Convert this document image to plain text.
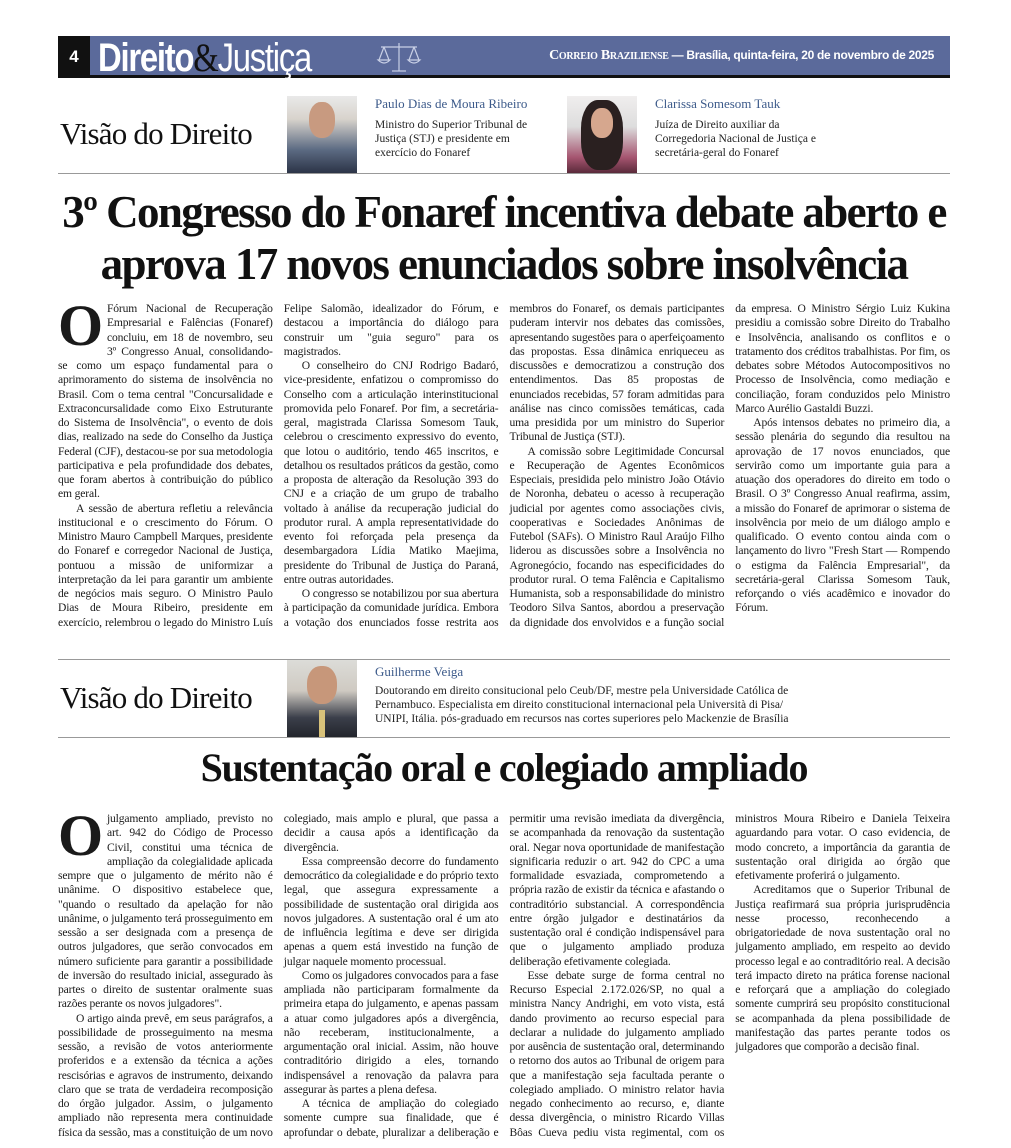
4 Direito&Justiça	Correio Braziliense — Brasília, quinta-feira, 20 de novembro de 2025
Visão do Direito
Paulo Dias de Moura Ribeiro
Ministro do Superior Tribunal de Justiça (STJ) e presidente em exercício do Fonaref
Clarissa Somesom Tauk
Juíza de Direito auxiliar da Corregedoria Nacional de Justiça e secretária-geral do Fonaref
3º Congresso do Fonaref incentiva debate aberto e aprova 17 novos enunciados sobre insolvência

O Fórum Nacional de Recuperação Empresarial e Falências (Fonaref) concluiu, em 18 de novembro, seu 3º Congresso Anual, consolidando-se como um espaço fundamental para o aprimoramento do sistema de insolvência no Brasil. Com o tema central "Concursalidade e Extraconcursalidade como Eixo Estruturante do Sistema de Insolvência", o evento de dois dias, realizado na sede do Conselho da Justiça Federal (CJF), destacou-se por sua metodologia participativa e pela profundidade dos debates, que foram abertos à contribuição do público em geral.

A sessão de abertura refletiu a relevância institucional e o crescimento do Fórum. O Ministro Mauro Campbell Marques, presidente do Fonaref e corregedor Nacional de Justiça, pontuou a missão de uniformizar a interpretação da lei para garantir um ambiente de negócios mais seguro. O Ministro Paulo Dias de Moura Ribeiro, presidente em exercício, relembrou o legado do Ministro Luís Felipe Salomão, idealizador do Fórum, e destacou a importância do diálogo para construir um "guia seguro" para os magistrados.

O conselheiro do CNJ Rodrigo Badaró, vice-presidente, enfatizou o compromisso do Conselho com a articulação interinstitucional promovida pelo Fonaref. Por fim, a secretária-geral, magistrada Clarissa Somesom Tauk, celebrou o crescimento expressivo do evento, que lotou o auditório, tendo 465 inscritos, e detalhou os resultados práticos da gestão, como a proposta de alteração da Resolução 393 do CNJ e a criação de um grupo de trabalho voltado à análise da recuperação judicial do produtor rural. A ampla representatividade do evento foi reforçada pela presença da desembargadora Lídia Matiko Maejima, presidente do Tribunal de Justiça do Paraná, entre outras autoridades.

O congresso se notabilizou por sua abertura à participação da comunidade jurídica. Embora a votação dos enunciados fosse restrita aos membros do Fonaref, os demais participantes puderam intervir nos debates das comissões, apresentando sugestões para o aperfeiçoamento das propostas. Essa dinâmica enriqueceu as discussões e democratizou a construção dos entendimentos. Das 85 propostas de enunciados recebidas, 57 foram admitidas para análise nas cinco comissões temáticas, cada uma presidida por um ministro do Superior Tribunal de Justiça (STJ).

A comissão sobre Legitimidade Concursal e Recuperação de Agentes Econômicos Especiais, presidida pelo ministro João Otávio de Noronha, debateu o acesso à recuperação judicial por agentes como associações civis, cooperativas e Sociedades Anônimas de Futebol (SAFs). O Ministro Raul Araújo Filho liderou as discussões sobre a Insolvência no Agronegócio, focando nas especificidades do produtor rural. O tema Falência e Capitalismo Humanista, sob a responsabilidade do ministro Teodoro Silva Santos, abordou a preservação da dignidade dos envolvidos e a função social da empresa. O Ministro Sérgio Luiz Kukina presidiu a comissão sobre Direito do Trabalho e Insolvência, analisando os conflitos e o tratamento dos créditos trabalhistas. Por fim, os debates sobre Métodos Autocompositivos no Processo de Insolvência, como mediação e conciliação, foram conduzidos pelo Ministro Marco Aurélio Gastaldi Buzzi.

Após intensos debates no primeiro dia, a sessão plenária do segundo dia resultou na aprovação de 17 novos enunciados, que servirão como um importante guia para a atuação dos operadores do direito em todo o Brasil. O 3º Congresso Anual reafirma, assim, a missão do Fonaref de aprimorar o sistema de insolvência por meio de um diálogo amplo e qualificado. O evento contou ainda com o lançamento do livro "Fresh Start — Rompendo o estigma da Falência Empresarial", da secretária-geral Clarissa Somesom Tauk, reforçando o viés acadêmico e inovador do Fórum.

Visão do Direito
Guilherme Veiga
Doutorando em direito consitucional pelo Ceub/DF, mestre pela Universidade Católica de Pernambuco. Especialista em direito constitucional internacional pela Università di Pisa/ UNIPI, Itália. pós-graduado em recursos nas cortes superiores pelo Mackenzie de Brasília
Sustentação oral e colegiado ampliado

Ojulgamento ampliado, previsto no art. 942 do Código de Processo Civil, constitui uma técnica de ampliação da colegialidade aplicada sempre que o julgamento de mérito não é unânime. O dispositivo estabelece que, "quando o resultado da apelação for não unânime, o julgamento terá prosseguimento em sessão a ser designada com a presença de outros julgadores, que serão convocados em número suficiente para garantir a possibilidade de inversão do resultado inicial, assegurado às partes o direito de sustentar oralmente suas razões perante os novos julgadores".

O artigo ainda prevê, em seus parágrafos, a possibilidade de prosseguimento na mesma sessão, a revisão de votos anteriormente proferidos e a extensão da técnica a ações rescisórias e agravos de instrumento, deixando claro que se trata de verdadeira recomposição do órgão julgador. Assim, o julgamento ampliado não representa mera continuidade física da sessão, mas a constituição de um novo colegiado, mais amplo e plural, que passa a decidir a causa após a identificação da divergência.

Essa compreensão decorre do fundamento democrático da colegialidade e do próprio texto legal, que assegura expressamente a possibilidade de sustentação oral dirigida aos novos julgadores. A sustentação oral é um ato de influência legítima e deve ser dirigida apenas a quem está investido na função de julgar naquele momento processual.

Como os julgadores convocados para a fase ampliada não participaram formalmente da primeira etapa do julgamento, e apenas passam a atuar como julgadores após a divergência, não receberam, institucionalmente, a argumentação oral inicial. Assim, não houve contraditório dirigido a eles, tornando indispensável a renovação da palavra para assegurar às partes a plena defesa.

A técnica de ampliação do colegiado somente cumpre sua finalidade, que é aprofundar o debate, pluralizar a deliberação e permitir uma revisão imediata da divergência, se acompanhada da renovação da sustentação oral. Negar nova oportunidade de manifestação significaria reduzir o art. 942 do CPC a uma formalidade esvaziada, comprometendo a própria razão de existir da técnica e afastando o contraditório substancial. A correspondência entre órgão julgador e destinatários da sustentação oral é condição indispensável para que o julgamento ampliado produza deliberação efetivamente colegiada.

Esse debate surge de forma central no Recurso Especial 2.172.026/SP, no qual a ministra Nancy Andrighi, em voto vista, está dando provimento ao recurso especial para declarar a nulidade do julgamento ampliado por ausência de sustentação oral, determinando o retorno dos autos ao Tribunal de origem para que a manifestação seja facultada perante o colegiado ampliado. O ministro relator havia negado conhecimento ao recurso, e, diante dessa divergência, o ministro Ricardo Villas Bôas Cueva pediu vista regimental, com os ministros Moura Ribeiro e Daniela Teixeira aguardando para votar. O caso evidencia, de modo concreto, a importância da garantia de sustentação oral dirigida ao órgão que efetivamente proferirá o julgamento.

Acreditamos que o Superior Tribunal de Justiça reafirmará sua própria jurisprudência nesse processo, reconhecendo a obrigatoriedade de nova sustentação oral no julgamento ampliado, em respeito ao devido processo legal e ao contraditório real. A decisão terá impacto direto na prática forense nacional e reforçará que a ampliação do colegiado somente cumprirá seu propósito constitucional se acompanhada da plena possibilidade de manifestação das partes perante todos os julgadores que comporão a decisão final.
